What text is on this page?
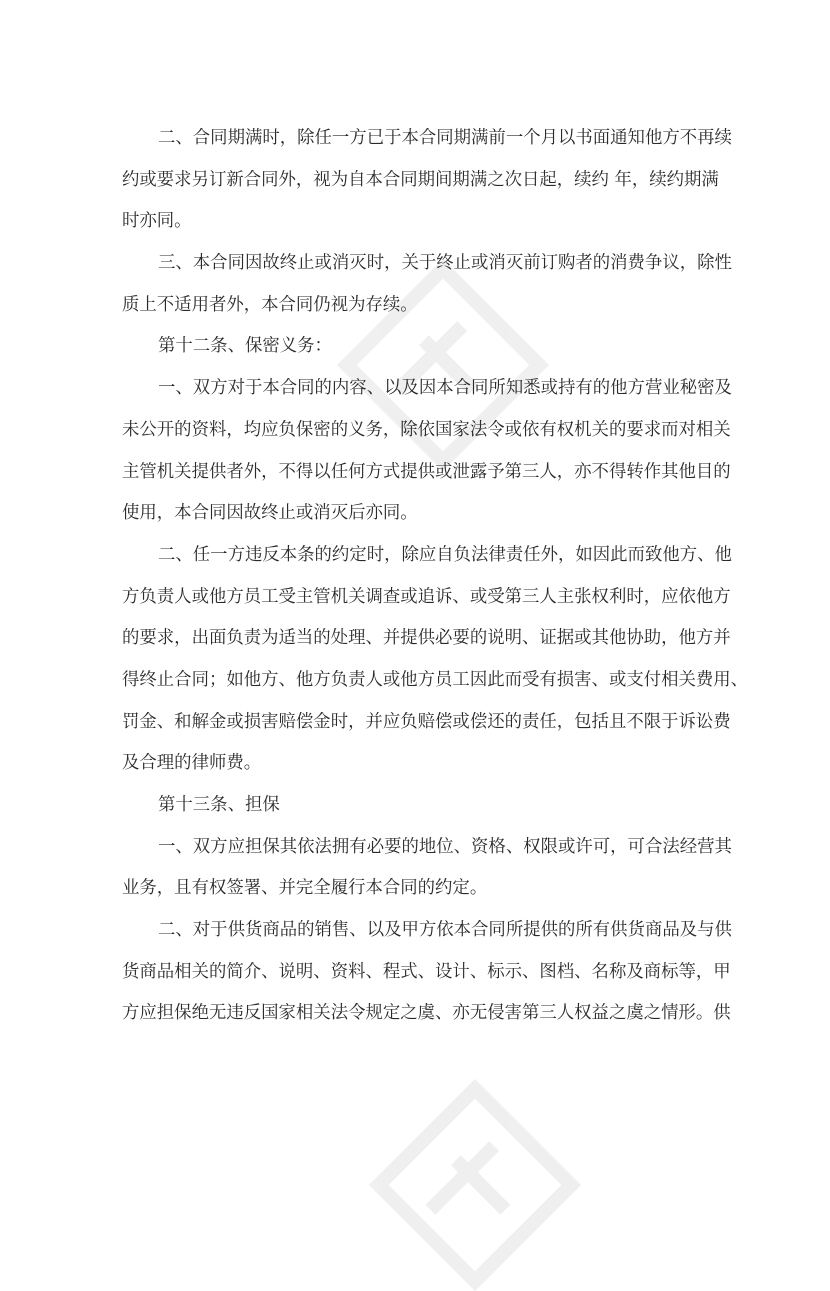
二、合同期满时，除任一方已于本合同期满前一个月以书面通知他方不再续
约或要求另订新合同外，视为自本合同期间期满之次日起，续约 年，续约期满
时亦同。
三、本合同因故终止或消灭时，关于终止或消灭前订购者的消费争议，除性
质上不适用者外，本合同仍视为存续。
第十二条、保密义务：
一、双方对于本合同的内容、以及因本合同所知悉或持有的他方营业秘密及
未公开的资料，均应负保密的义务，除依国家法令或依有权机关的要求而对相关
主管机关提供者外，不得以任何方式提供或泄露予第三人，亦不得转作其他目的
使用，本合同因故终止或消灭后亦同。
二、任一方违反本条的约定时，除应自负法律责任外，如因此而致他方、他
方负责人或他方员工受主管机关调查或追诉、或受第三人主张权利时，应依他方
的要求，出面负责为适当的处理、并提供必要的说明、证据或其他协助，他方并
得终止合同；如他方、他方负责人或他方员工因此而受有损害、或支付相关费用、
罚金、和解金或损害赔偿金时，并应负赔偿或偿还的责任，包括且不限于诉讼费
及合理的律师费。
第十三条、担保
一、双方应担保其依法拥有必要的地位、资格、权限或许可，可合法经营其
业务，且有权签署、并完全履行本合同的约定。
二、对于供货商品的销售、以及甲方依本合同所提供的所有供货商品及与供
货商品相关的简介、说明、资料、程式、设计、标示、图档、名称及商标等，甲
方应担保绝无违反国家相关法令规定之虞、亦无侵害第三人权益之虞之情形。供
